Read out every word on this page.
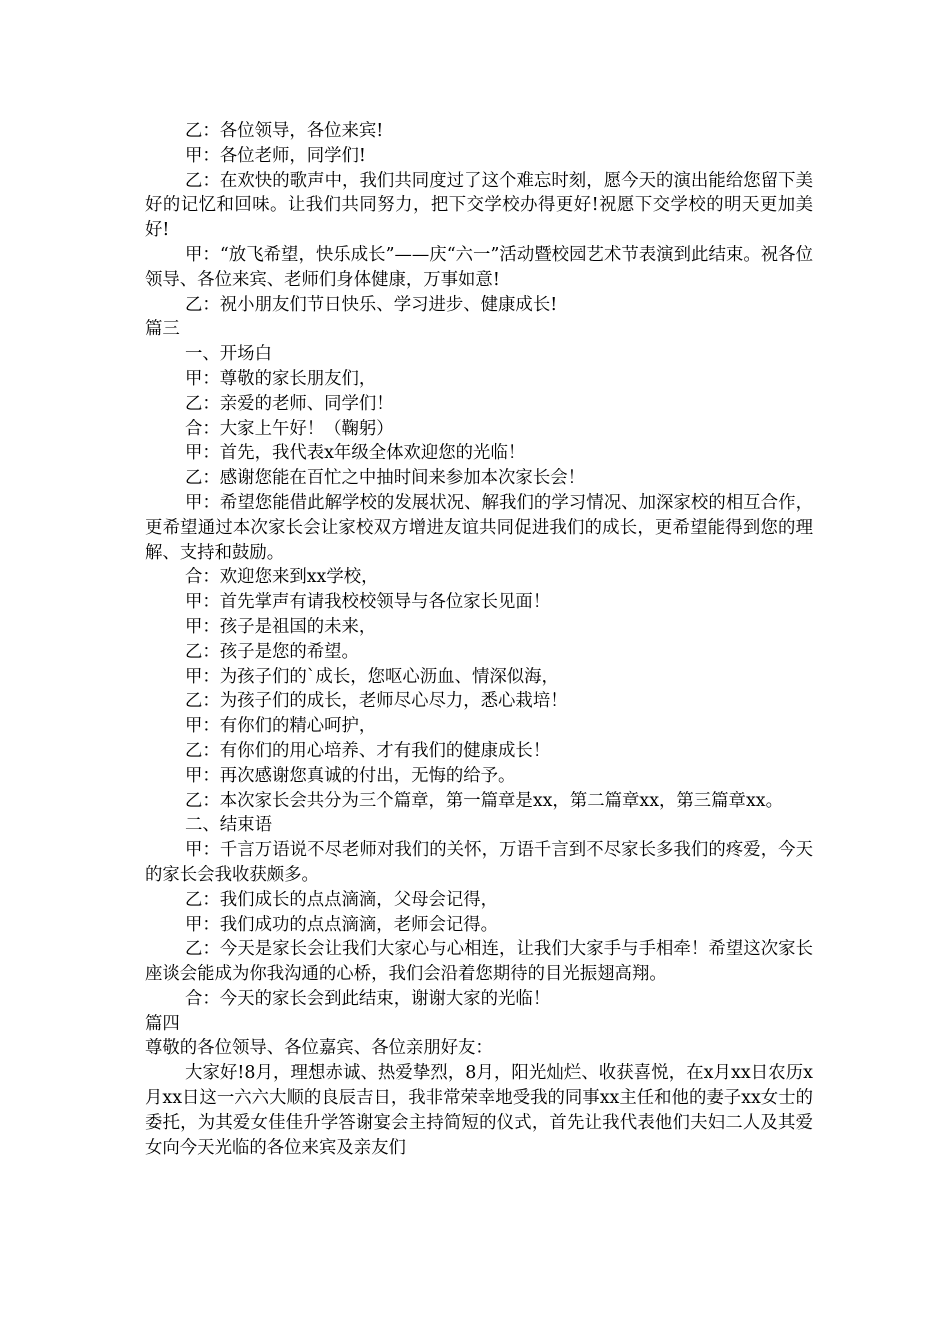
乙：各位领导，各位来宾!

甲：各位老师，同学们!

乙：在欢快的歌声中，我们共同度过了这个难忘时刻，愿今天的演出能给您留下美好的记忆和回味。让我们共同努力，把下交学校办得更好!祝愿下交学校的明天更加美好!

甲：“放飞希望，快乐成长”——庆“六一”活动暨校园艺术节表演到此结束。祝各位领导、各位来宾、老师们身体健康，万事如意!

乙：祝小朋友们节日快乐、学习进步、健康成长!

篇三

一、开场白

甲：尊敬的家长朋友们，

乙：亲爱的老师、同学们！

合：大家上午好！（鞠躬）

甲：首先，我代表x年级全体欢迎您的光临！

乙：感谢您能在百忙之中抽时间来参加本次家长会！

甲：希望您能借此解学校的发展状况、解我们的学习情况、加深家校的相互合作，更希望通过本次家长会让家校双方增进友谊共同促进我们的成长，更希望能得到您的理解、支持和鼓励。

合：欢迎您来到xx学校，

甲：首先掌声有请我校校领导与各位家长见面！

甲：孩子是祖国的未来，

乙：孩子是您的希望。

甲：为孩子们的`成长，您呕心沥血、情深似海，

乙：为孩子们的成长，老师尽心尽力，悉心栽培！

甲：有你们的精心呵护，

乙：有你们的用心培养、才有我们的健康成长！

甲：再次感谢您真诚的付出，无悔的给予。

乙：本次家长会共分为三个篇章，第一篇章是xx，第二篇章xx，第三篇章xx。

二、结束语

甲：千言万语说不尽老师对我们的关怀，万语千言到不尽家长多我们的疼爱，今天的家长会我收获颇多。

乙：我们成长的点点滴滴，父母会记得，

甲：我们成功的点点滴滴，老师会记得。

乙：今天是家长会让我们大家心与心相连，让我们大家手与手相牵！希望这次家长座谈会能成为你我沟通的心桥，我们会沿着您期待的目光振翅高翔。

合：今天的家长会到此结束，谢谢大家的光临！

篇四

尊敬的各位领导、各位嘉宾、各位亲朋好友：

大家好!8月，理想赤诚、热爱挚烈，8月，阳光灿烂、收获喜悦，在x月xx日农历x月xx日这一六六大顺的良辰吉日，我非常荣幸地受我的同事xx主任和他的妻子xx女士的委托，为其爱女佳佳升学答谢宴会主持简短的仪式，首先让我代表他们夫妇二人及其爱女向今天光临的各位来宾及亲友们
